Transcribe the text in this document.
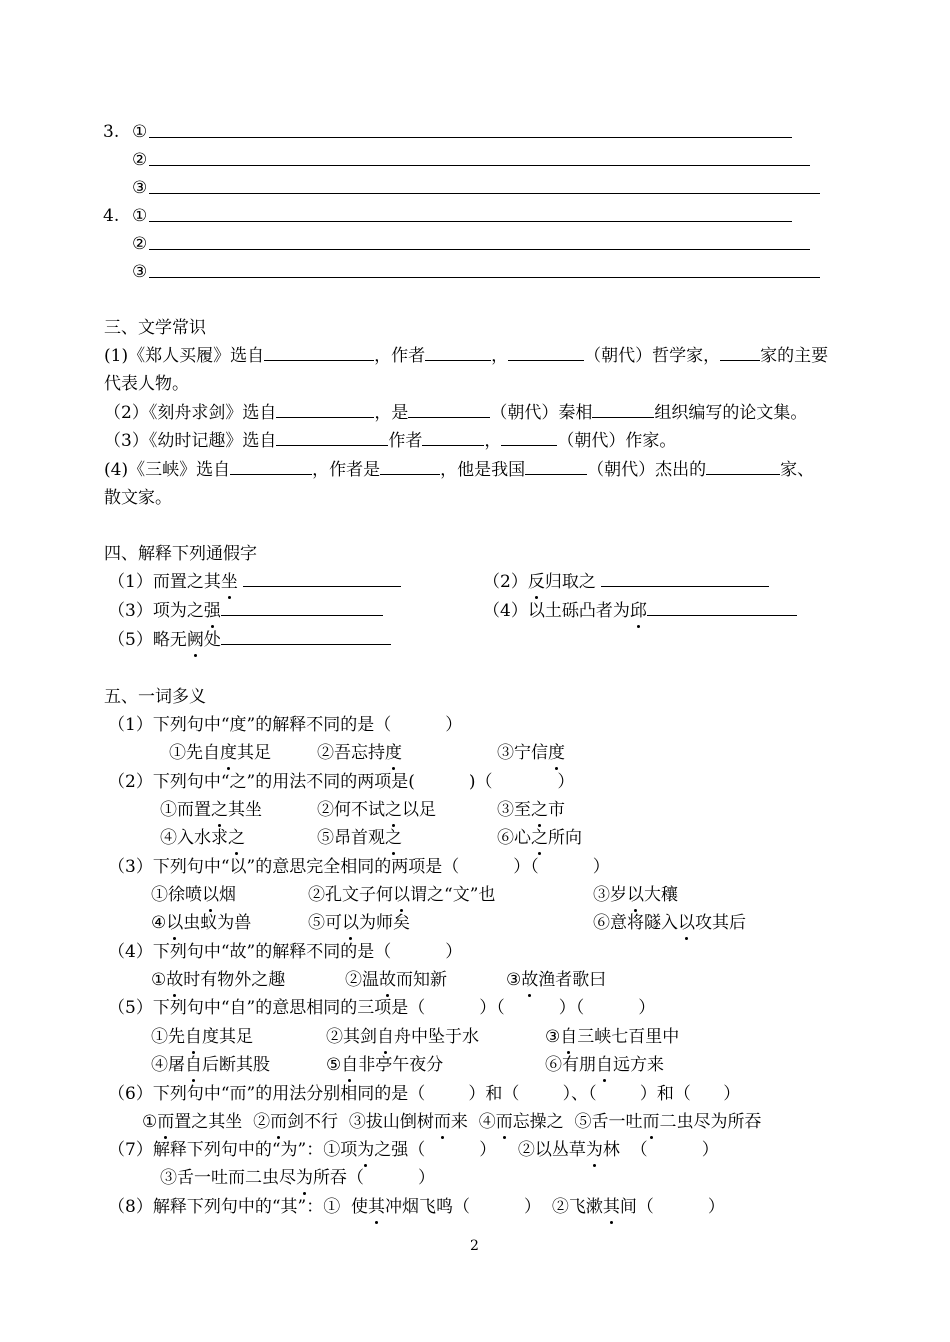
3. ①
②
③
4. ①
②
③
三、文学常识
(1)《郑人买履》选自	，作者	，	（朝代）哲学家， 家的主要
代表人物。
（2）《刻舟求剑》选自	，是	（朝代）秦相	组织编写的论文集。
（3）《幼时记趣》选自	作者	，	（朝代）作家。
(4)《三峡》选自	，作者是	，他是我国	（朝代）杰出的	家、
散文家。
四、解释下列通假字
（1）而置之其坐	（2）反归取之
（3）项为之强	（4）以土砾凸者为邱
（5）略无阙处
五、一词多义
（1）下列句中“度”的解释不同的是（          ）
①先自度其足	②吾忘持度	③宁信度
（2）下列句中“之”的用法不同的两项是(          )（            ）
①而置之其坐	②何不试之以足	③至之市
④入水求之	⑤昂首观之	⑥心之所向
（3）下列句中“以”的意思完全相同的两项是（          ）（          ）
①徐喷以烟	②孔文子何以谓之“文”也	③岁以大穰
④以虫蚁为兽	⑤可以为师矣	⑥意将隧入以攻其后
（4）下列句中“故”的解释不同的是（          ）
①故时有物外之趣	②温故而知新	③故渔者歌曰
（5）下列句中“自”的意思相同的三项是（          ）（          ）（          ）
①先自度其足	②其剑自舟中坠于水	③自三峡七百里中
④屠自后断其股	⑤自非亭午夜分	⑥有朋自远方来
（6）下列句中“而”的用法分别相同的是（        ）和（        ）、（        ）和（      ）
①而置之其坐  ②而剑不行  ③拔山倒树而来  ④而忘操之  ⑤舌一吐而二虫尽为所吞
（7）解释下列句中的“为”：①项为之强（          ）    ②以丛草为林  （          ）
③舌一吐而二虫尽为所吞（          ）
（8）解释下列句中的“其”：①  使其冲烟飞鸣（          ）  ②飞漱其间（          ）
2
